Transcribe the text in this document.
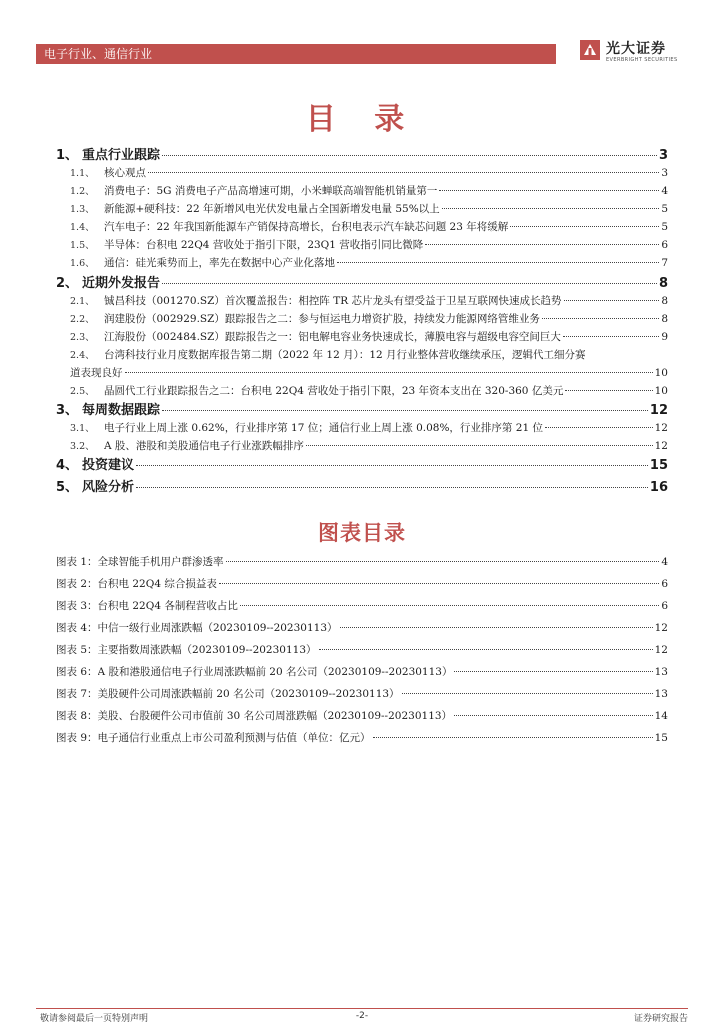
电子行业、通信行业	光大证券
EVERBRIGHT SECURITIES
目 录
1、 重点行业跟踪	3
1.1、 核心观点	3
1.2、 消费电子：5G 消费电子产品高增速可期，小米蝉联高端智能机销量第一	4
1.3、 新能源+硬科技：22 年新增风电光伏发电量占全国新增发电量 55%以上	5
1.4、 汽车电子：22 年我国新能源车产销保持高增长，台积电表示汽车缺芯问题 23 年将缓解	5
1.5、 半导体：台积电 22Q4 营收处于指引下限，23Q1 营收指引同比微降	6
1.6、 通信：硅光乘势而上，率先在数据中心产业化落地	7
2、 近期外发报告	8
2.1、 铖昌科技（001270.SZ）首次覆盖报告：相控阵 TR 芯片龙头有望受益于卫星互联网快速成长趋势	8
2.2、 润建股份（002929.SZ）跟踪报告之二：参与恒运电力增资扩股，持续发力能源网络管维业务	8
2.3、 江海股份（002484.SZ）跟踪报告之一：铝电解电容业务快速成长，薄膜电容与超级电容空间巨大	9
2.4、 台湾科技行业月度数据库报告第二期（2022 年 12 月）：12 月行业整体营收继续承压，逻辑代工细分赛
道表现良好	10
2.5、 晶圆代工行业跟踪报告之二：台积电 22Q4 营收处于指引下限，23 年资本支出在 320-360 亿美元	10
3、 每周数据跟踪	12
3.1、 电子行业上周上涨 0.62%，行业排序第 17 位；通信行业上周上涨 0.08%，行业排序第 21 位	12
3.2、 A 股、港股和美股通信电子行业涨跌幅排序	12
4、 投资建议	15
5、 风险分析	16
图表目录
图表 1： 全球智能手机用户群渗透率	4
图表 2： 台积电 22Q4 综合损益表	6
图表 3： 台积电 22Q4 各制程营收占比	6
图表 4： 中信一级行业周涨跌幅（20230109--20230113）	12
图表 5： 主要指数周涨跌幅（20230109--20230113）	12
图表 6： A 股和港股通信电子行业周涨跌幅前 20 名公司（20230109--20230113）	13
图表 7： 美股硬件公司周涨跌幅前 20 名公司（20230109--20230113）	13
图表 8： 美股、台股硬件公司市值前 30 名公司周涨跌幅（20230109--20230113）	14
图表 9： 电子通信行业重点上市公司盈利预测与估值（单位：亿元）	15
敬请参阅最后一页特别声明	-2-	证券研究报告
